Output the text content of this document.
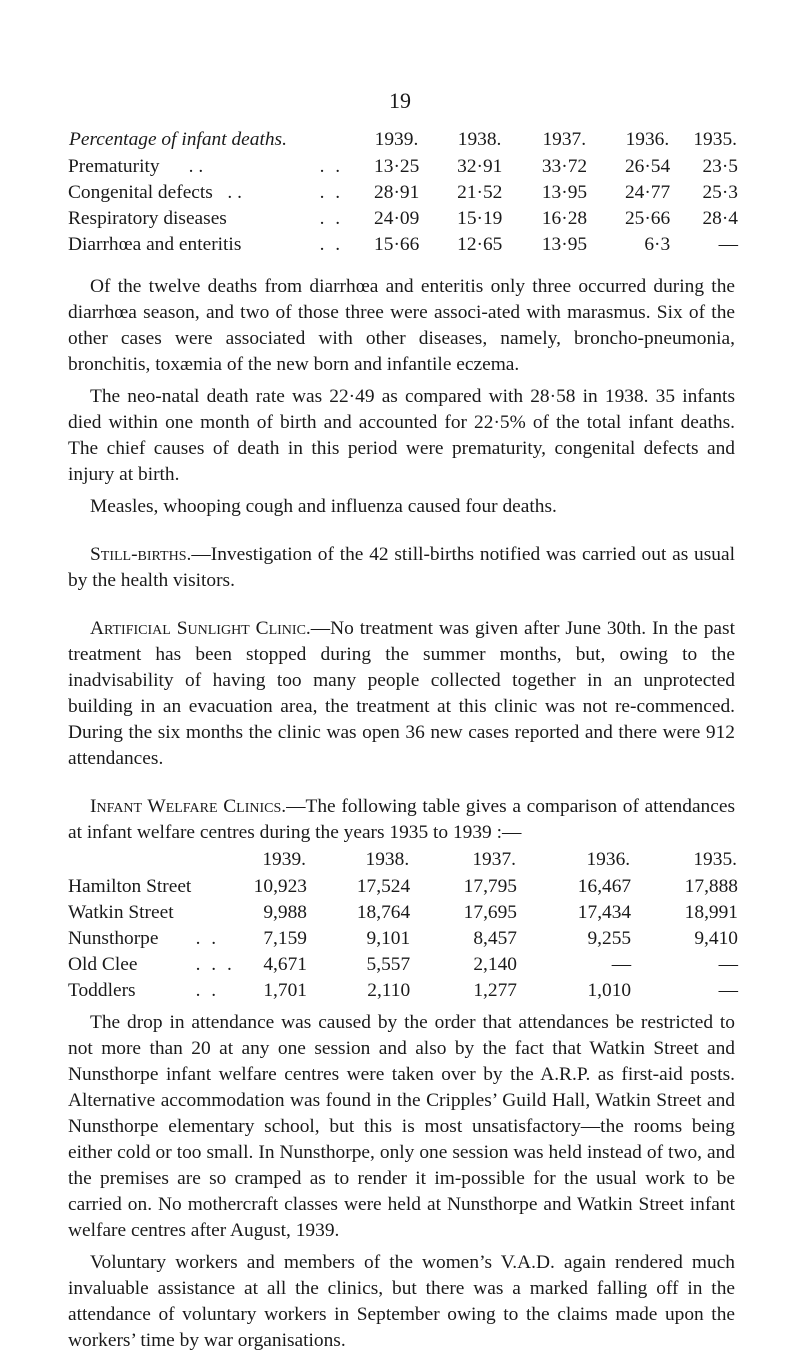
19
Percentage of infant deaths.		1939.	1938.	1937.	1936.	1935.
Prematurity . .	. .	13·25	32·91	33·72	26·54	23·5
Congenital defects . .	. .	28·91	21·52	13·95	24·77	25·3
Respiratory diseases	. .	24·09	15·19	16·28	25·66	28·4
Diarrhœa and enteritis	. .	15·66	12·65	13·95	6·3	—

Of the twelve deaths from diarrhœa and enteritis only three occurred during the diarrhœa season, and two of those three were associ-ated with marasmus. Six of the other cases were associated with other diseases, namely, broncho-pneumonia, bronchitis, toxæmia of the new born and infantile eczema.

The neo-natal death rate was 22·49 as compared with 28·58 in 1938. 35 infants died within one month of birth and accounted for 22·5% of the total infant deaths. The chief causes of death in this period were prematurity, congenital defects and injury at birth.

Measles, whooping cough and influenza caused four deaths.

Still-births.—Investigation of the 42 still-births notified was carried out as usual by the health visitors.

Artificial Sunlight Clinic.—No treatment was given after June 30th. In the past treatment has been stopped during the summer months, but, owing to the inadvisability of having too many people collected together in an unprotected building in an evacuation area, the treatment at this clinic was not re-commenced. During the six months the clinic was open 36 new cases reported and there were 912 attendances.

Infant Welfare Clinics.—The following table gives a comparison of attendances at infant welfare centres during the years 1935 to 1939 :—

		1939.	1938.	1937.	1936.	1935.
Hamilton Street		10,923	17,524	17,795	16,467	17,888
Watkin Street		9,988	18,764	17,695	17,434	18,991
Nunsthorpe	. .	7,159	9,101	8,457	9,255	9,410
Old Clee	. . .	4,671	5,557	2,140	—	—
Toddlers	. .	1,701	2,110	1,277	1,010	—

The drop in attendance was caused by the order that attendances be restricted to not more than 20 at any one session and also by the fact that Watkin Street and Nunsthorpe infant welfare centres were taken over by the A.R.P. as first-aid posts. Alternative accommodation was found in the Cripples’ Guild Hall, Watkin Street and Nunsthorpe elementary school, but this is most unsatisfactory—the rooms being either cold or too small. In Nunsthorpe, only one session was held instead of two, and the premises are so cramped as to render it im-possible for the usual work to be carried on. No mothercraft classes were held at Nunsthorpe and Watkin Street infant welfare centres after August, 1939.

Voluntary workers and members of the women’s V.A.D. again rendered much invaluable assistance at all the clinics, but there was a marked falling off in the attendance of voluntary workers in September owing to the claims made upon the workers’ time by war organisations.
